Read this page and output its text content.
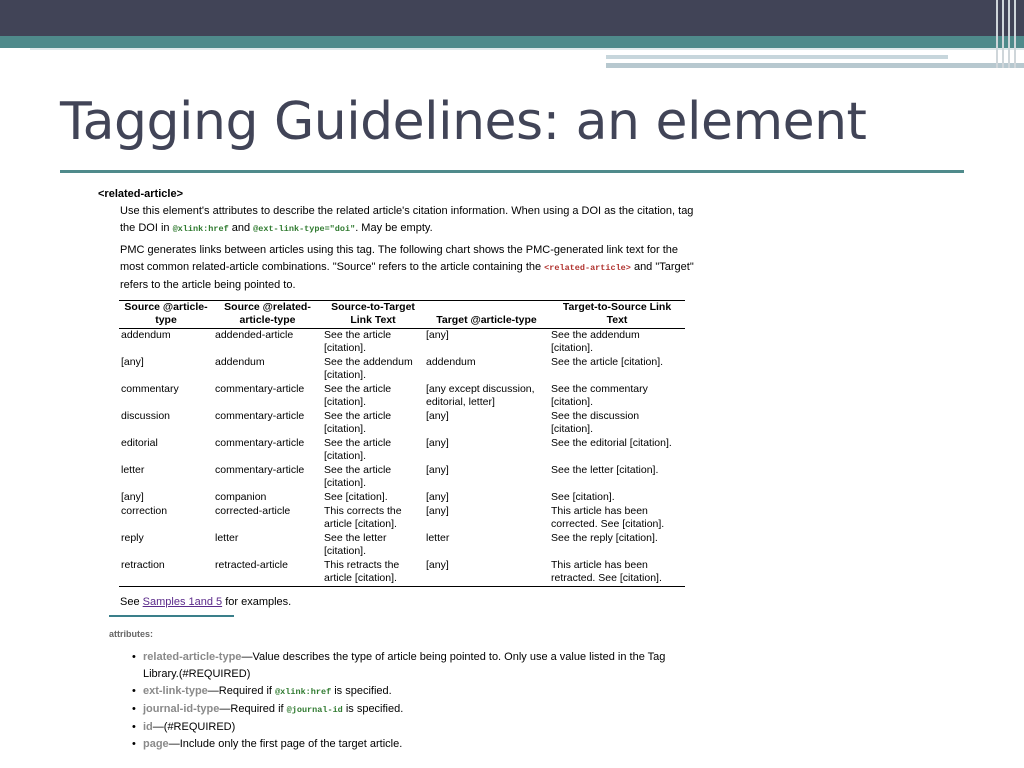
Tagging Guidelines: an element
<related-article>
Use this element's attributes to describe the related article's citation information. When using a DOI as the citation, tag the DOI in @xlink:href and @ext-link-type="doi". May be empty.
PMC generates links between articles using this tag. The following chart shows the PMC-generated link text for the most common related-article combinations. "Source" refers to the article containing the <related-article> and "Target" refers to the article being pointed to.
Source @article-type	Source @related-article-type	Source-to-Target Link Text	Target @article-type	Target-to-Source Link Text
addendum	addended-article	See the article [citation].	[any]	See the addendum [citation].
[any]	addendum	See the addendum [citation].	addendum	See the article [citation].
commentary	commentary-article	See the article [citation].	[any except discussion, editorial, letter]	See the commentary [citation].
discussion	commentary-article	See the article [citation].	[any]	See the discussion [citation].
editorial	commentary-article	See the article [citation].	[any]	See the editorial [citation].
letter	commentary-article	See the article [citation].	[any]	See the letter [citation].
[any]	companion	See [citation].	[any]	See [citation].
correction	corrected-article	This corrects the article [citation].	[any]	This article has been corrected. See [citation].
reply	letter	See the letter [citation].	letter	See the reply [citation].
retraction	retracted-article	This retracts the article [citation].	[any]	This article has been retracted. See [citation].
See Samples 1and 5 for examples.
attributes:
• related-article-type—Value describes the type of article being pointed to. Only use a value listed in the Tag Library.(#REQUIRED)
• ext-link-type—Required if @xlink:href is specified.
• journal-id-type—Required if @journal-id is specified.
• id—(#REQUIRED)
• page—Include only the first page of the target article.
